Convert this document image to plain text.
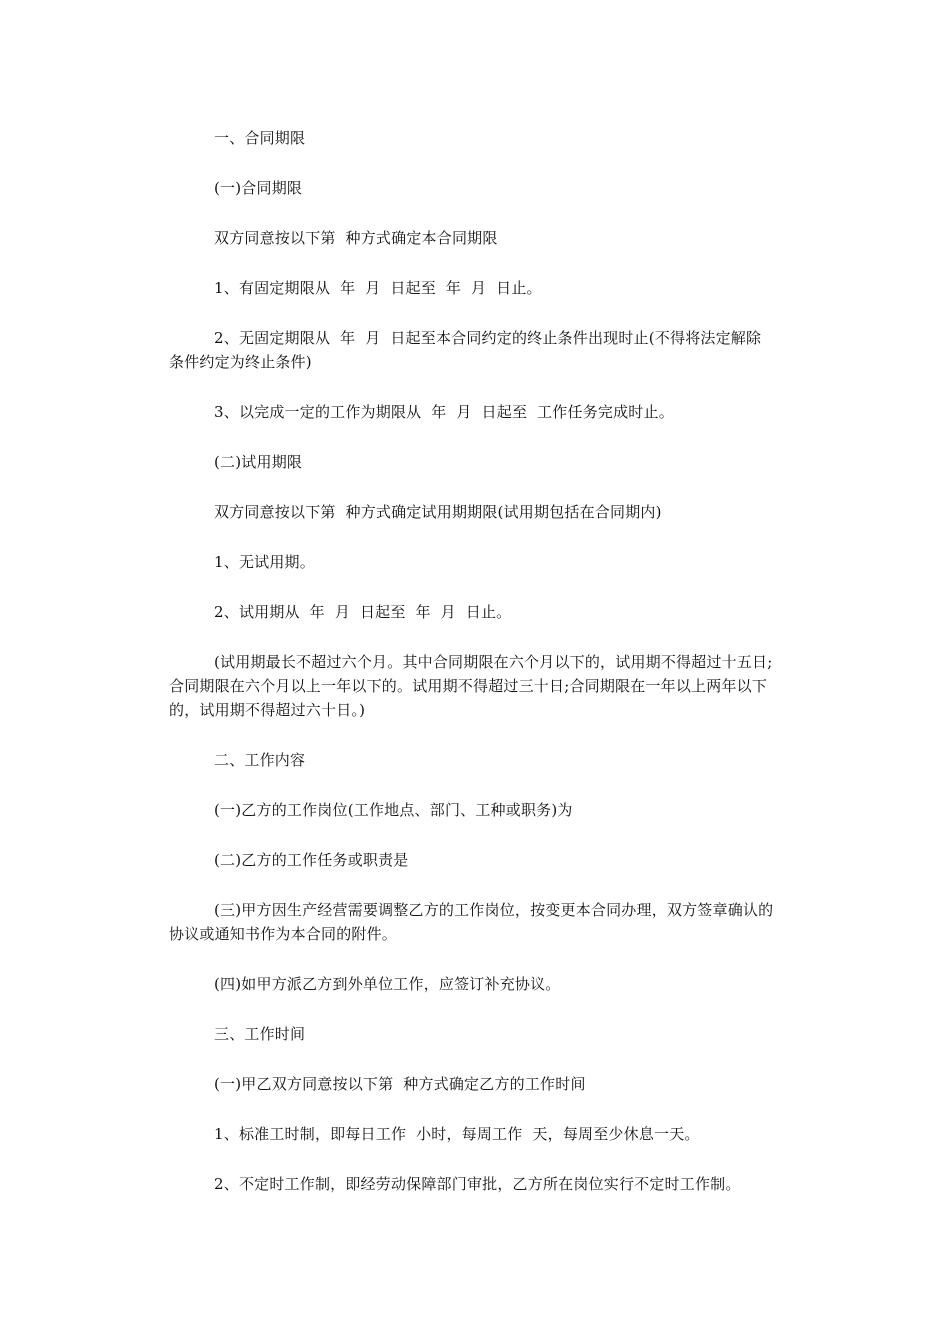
一、合同期限
(一)合同期限
双方同意按以下第  种方式确定本合同期限
1、有固定期限从  年  月  日起至  年  月  日止。
2、无固定期限从  年  月  日起至本合同约定的终止条件出现时止(不得将法定解除条件约定为终止条件)
3、以完成一定的工作为期限从  年  月  日起至  工作任务完成时止。
(二)试用期限
双方同意按以下第  种方式确定试用期期限(试用期包括在合同期内)
1、无试用期。
2、试用期从  年  月  日起至  年  月  日止。
(试用期最长不超过六个月。其中合同期限在六个月以下的，试用期不得超过十五日;合同期限在六个月以上一年以下的。试用期不得超过三十日;合同期限在一年以上两年以下的，试用期不得超过六十日。)
二、工作内容
(一)乙方的工作岗位(工作地点、部门、工种或职务)为
(二)乙方的工作任务或职责是
(三)甲方因生产经营需要调整乙方的工作岗位，按变更本合同办理，双方签章确认的协议或通知书作为本合同的附件。
(四)如甲方派乙方到外单位工作，应签订补充协议。
三、工作时间
(一)甲乙双方同意按以下第  种方式确定乙方的工作时间
1、标准工时制，即每日工作  小时，每周工作  天，每周至少休息一天。
2、不定时工作制，即经劳动保障部门审批，乙方所在岗位实行不定时工作制。
